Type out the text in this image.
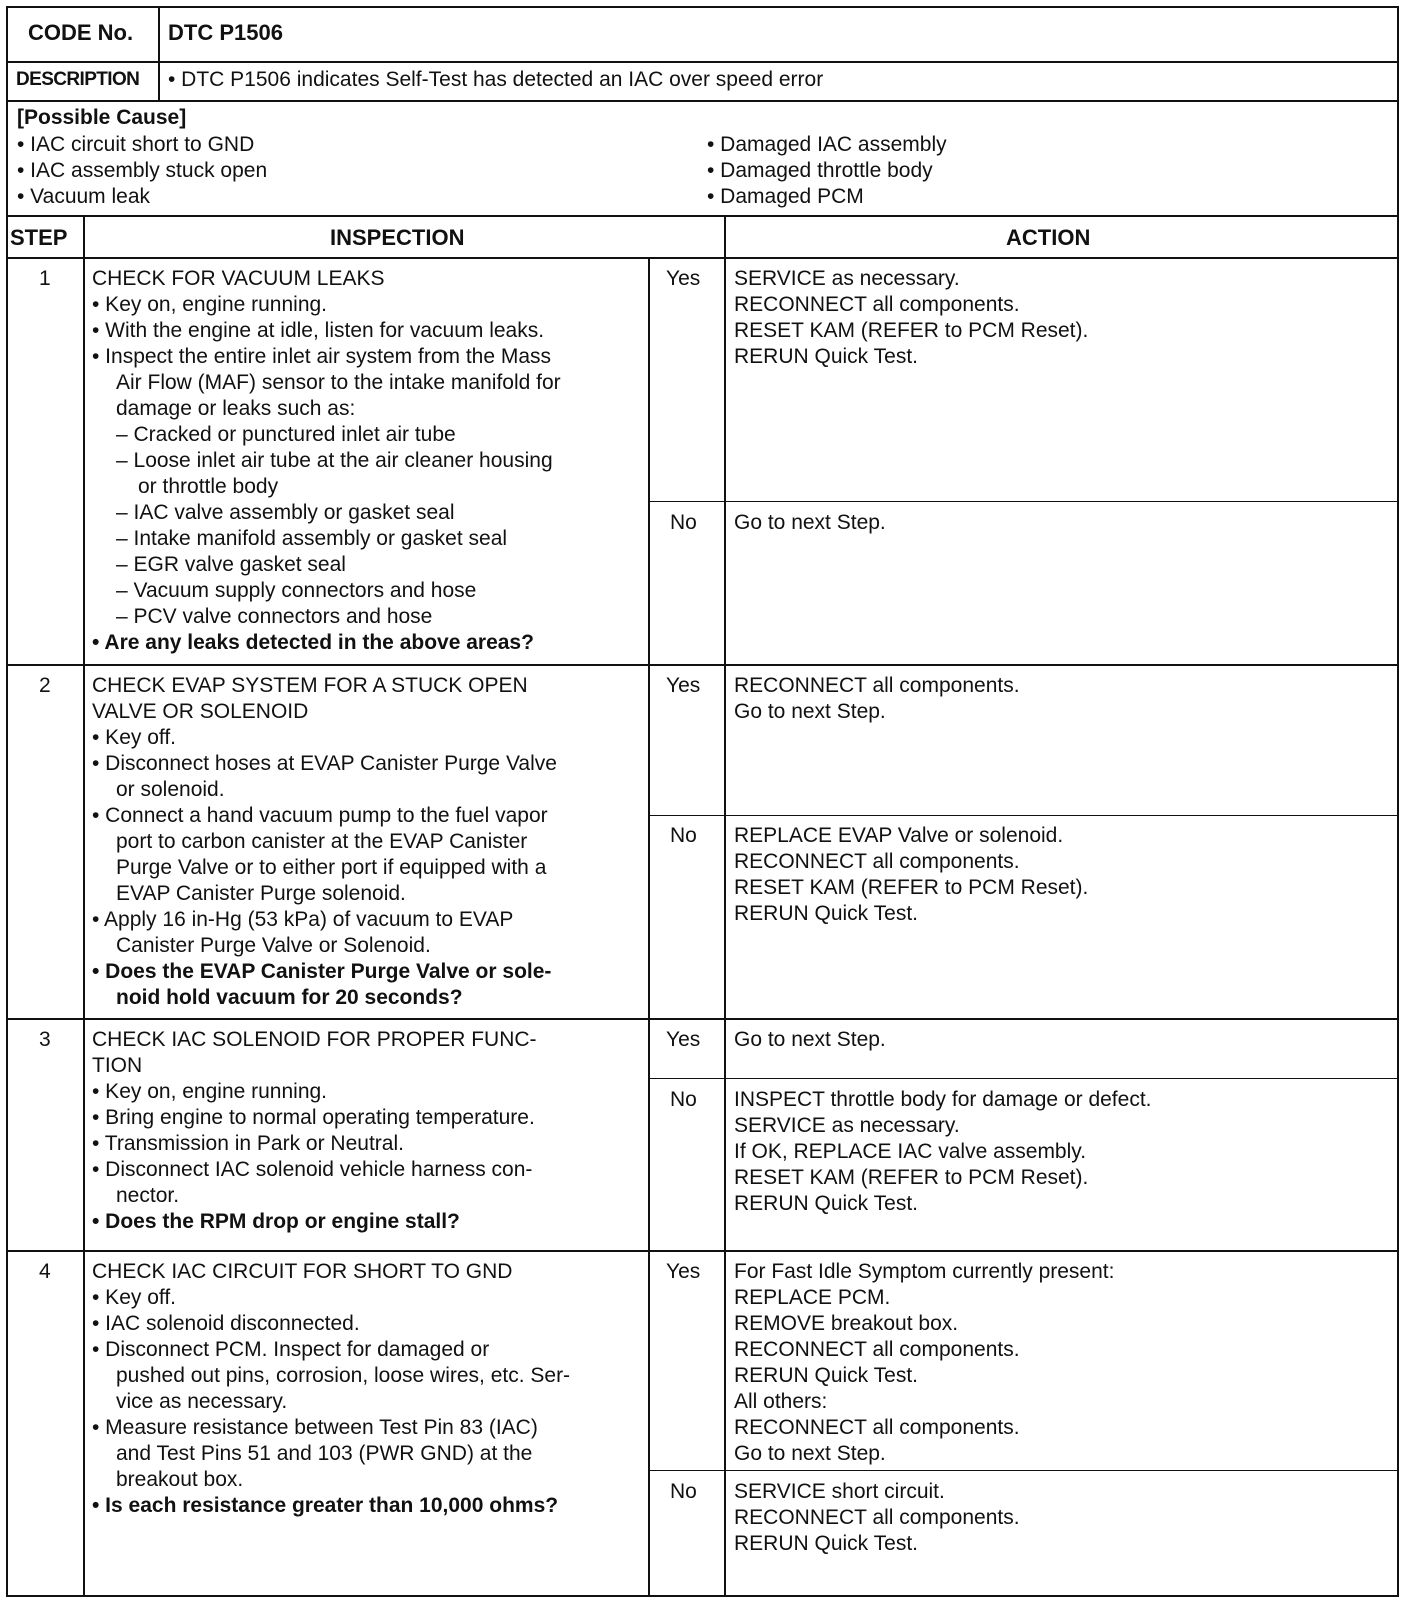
CODE No. DTC P1506
DESCRIPTION • DTC P1506 indicates Self-Test has detected an IAC over speed error
[Possible Cause]
• IAC circuit short to GND
• IAC assembly stuck open
• Vacuum leak
• Damaged IAC assembly
• Damaged throttle body
• Damaged PCM
STEP	INSPECTION	ACTION
1 CHECK FOR VACUUM LEAKS
• Key on, engine running.
• With the engine at idle, listen for vacuum leaks.
• Inspect the entire inlet air system from the Mass
Air Flow (MAF) sensor to the intake manifold for
damage or leaks such as:
– Cracked or punctured inlet air tube
– Loose inlet air tube at the air cleaner housing
or throttle body
– IAC valve assembly or gasket seal
– Intake manifold assembly or gasket seal
– EGR valve gasket seal
– Vacuum supply connectors and hose
– PCV valve connectors and hose
• Are any leaks detected in the above areas?
Yes SERVICE as necessary.
RECONNECT all components.
RESET KAM (REFER to PCM Reset).
RERUN Quick Test.
No Go to next Step.
2 CHECK EVAP SYSTEM FOR A STUCK OPEN
VALVE OR SOLENOID
• Key off.
• Disconnect hoses at EVAP Canister Purge Valve
or solenoid.
• Connect a hand vacuum pump to the fuel vapor
port to carbon canister at the EVAP Canister
Purge Valve or to either port if equipped with a
EVAP Canister Purge solenoid.
• Apply 16 in-Hg (53 kPa) of vacuum to EVAP
Canister Purge Valve or Solenoid.
• Does the EVAP Canister Purge Valve or sole-
noid hold vacuum for 20 seconds?
Yes RECONNECT all components.
Go to next Step.
No REPLACE EVAP Valve or solenoid.
RECONNECT all components.
RESET KAM (REFER to PCM Reset).
RERUN Quick Test.
3 CHECK IAC SOLENOID FOR PROPER FUNC-
TION
• Key on, engine running.
• Bring engine to normal operating temperature.
• Transmission in Park or Neutral.
• Disconnect IAC solenoid vehicle harness con-
nector.
• Does the RPM drop or engine stall?
Yes Go to next Step.
No INSPECT throttle body for damage or defect.
SERVICE as necessary.
If OK, REPLACE IAC valve assembly.
RESET KAM (REFER to PCM Reset).
RERUN Quick Test.
4 CHECK IAC CIRCUIT FOR SHORT TO GND
• Key off.
• IAC solenoid disconnected.
• Disconnect PCM. Inspect for damaged or
pushed out pins, corrosion, loose wires, etc. Ser-
vice as necessary.
• Measure resistance between Test Pin 83 (IAC)
and Test Pins 51 and 103 (PWR GND) at the
breakout box.
• Is each resistance greater than 10,000 ohms?
Yes For Fast Idle Symptom currently present:
REPLACE PCM.
REMOVE breakout box.
RECONNECT all components.
RERUN Quick Test.
All others:
RECONNECT all components.
Go to next Step.
No SERVICE short circuit.
RECONNECT all components.
RERUN Quick Test.
